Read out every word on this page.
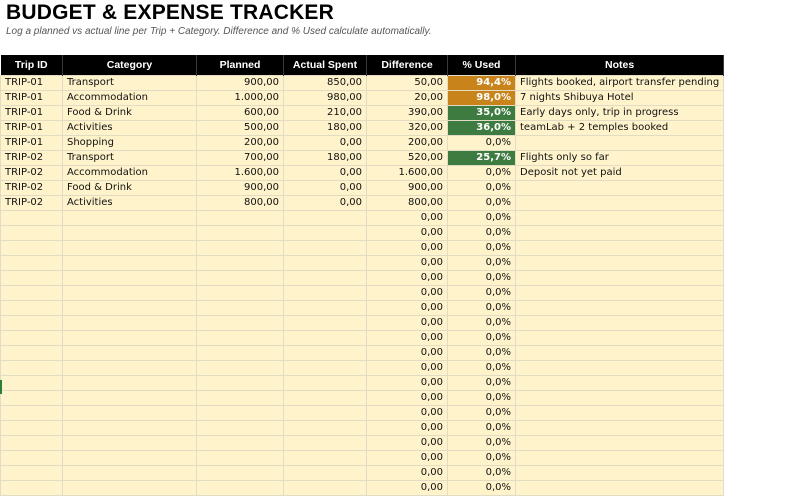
BUDGET & EXPENSE TRACKER
Log a planned vs actual line per Trip + Category. Difference and % Used calculate automatically.
Trip ID	Category	Planned	Actual Spent	Difference	% Used	Notes
TRIP-01	Transport	900,00	850,00	50,00	94,4%	Flights booked, airport transfer pending
TRIP-01	Accommodation	1.000,00	980,00	20,00	98,0%	7 nights Shibuya Hotel
TRIP-01	Food & Drink	600,00	210,00	390,00	35,0%	Early days only, trip in progress
TRIP-01	Activities	500,00	180,00	320,00	36,0%	teamLab + 2 temples booked
TRIP-01	Shopping	200,00	0,00	200,00	0,0%	
TRIP-02	Transport	700,00	180,00	520,00	25,7%	Flights only so far
TRIP-02	Accommodation	1.600,00	0,00	1.600,00	0,0%	Deposit not yet paid
TRIP-02	Food & Drink	900,00	0,00	900,00	0,0%	
TRIP-02	Activities	800,00	0,00	800,00	0,0%	
				0,00	0,0%	
				0,00	0,0%	
				0,00	0,0%	
				0,00	0,0%	
				0,00	0,0%	
				0,00	0,0%	
				0,00	0,0%	
				0,00	0,0%	
				0,00	0,0%	
				0,00	0,0%	
				0,00	0,0%	
				0,00	0,0%	
				0,00	0,0%	
				0,00	0,0%	
				0,00	0,0%	
				0,00	0,0%	
				0,00	0,0%	
				0,00	0,0%	
				0,00	0,0%	
